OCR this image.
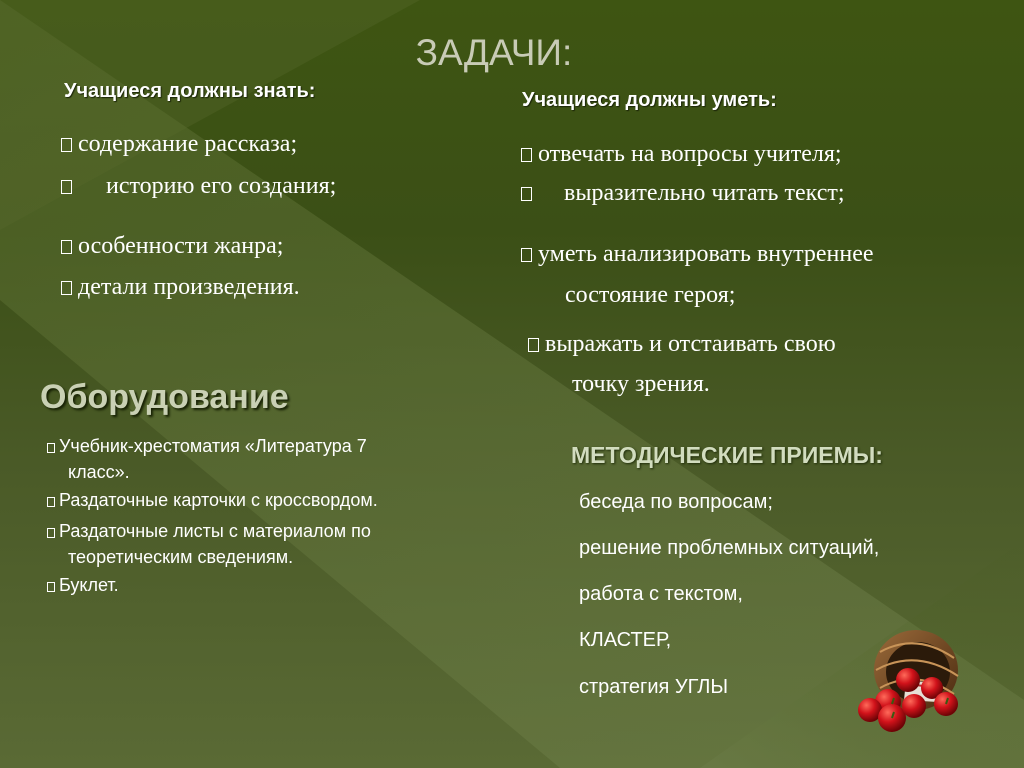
ЗАДАЧИ:
Учащиеся должны знать:
содержание рассказа;
историю его создания;
особенности жанра;
детали произведения.
Учащиеся должны уметь:
отвечать на вопросы учителя;
выразительно читать текст;
уметь анализировать внутреннее
состояние героя;
выражать и отстаивать свою
точку зрения.
Оборудование
Учебник-хрестоматия «Литература 7
класс».
Раздаточные карточки с кроссвордом.
Раздаточные листы с материалом по
теоретическим сведениям.
Буклет.
МЕТОДИЧЕСКИЕ ПРИЕМЫ:
беседа по вопросам;
решение проблемных ситуаций,
работа с текстом,
КЛАСТЕР,
стратегия УГЛЫ
